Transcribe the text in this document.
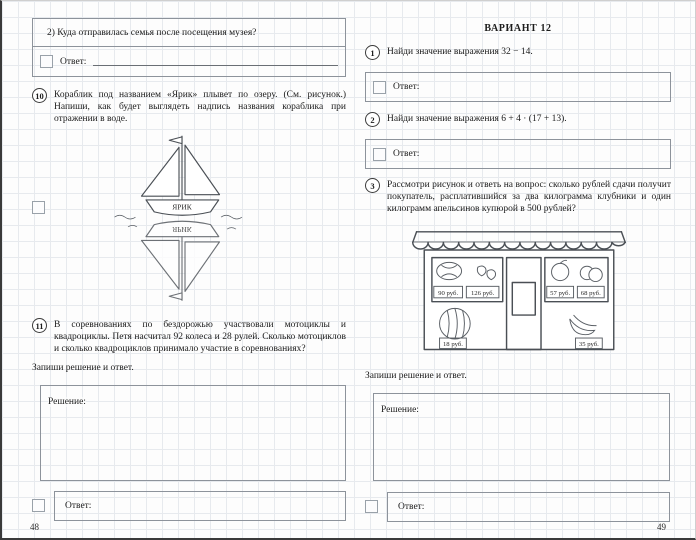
2) Куда отправилась семья после посещения музея?
Ответ:
10	Кораблик под названием «Ярик» плывет по озеру. (См. рисунок.) Напиши, как будет выглядеть надпись названия кораблика при отражении в воде.
ЯРИК
ЯРИК
11	В соревнованиях по бездорожью участвовали мотоциклы и квадроциклы. Петя насчитал 92 колеса и 28 рулей. Сколько мотоциклов и сколько квадроциклов принимало участие в соревнованиях?
Запиши решение и ответ.
Решение:
Ответ:
48
ВАРИАНТ 12
1	Найди значение выражения 32 − 14.
Ответ:
2	Найди значение выражения 6 + 4 · (17 + 13).
Ответ:
3	Рассмотри рисунок и ответь на вопрос: сколько рублей сдачи получит покупатель, расплатившийся за два килограмма клубники и один килограмм апельсинов купюрой в 500 рублей?
90 руб. 126 руб.	57 руб. 68 руб.
18 руб.	35 руб.
Запиши решение и ответ.
Решение:
Ответ:
49
